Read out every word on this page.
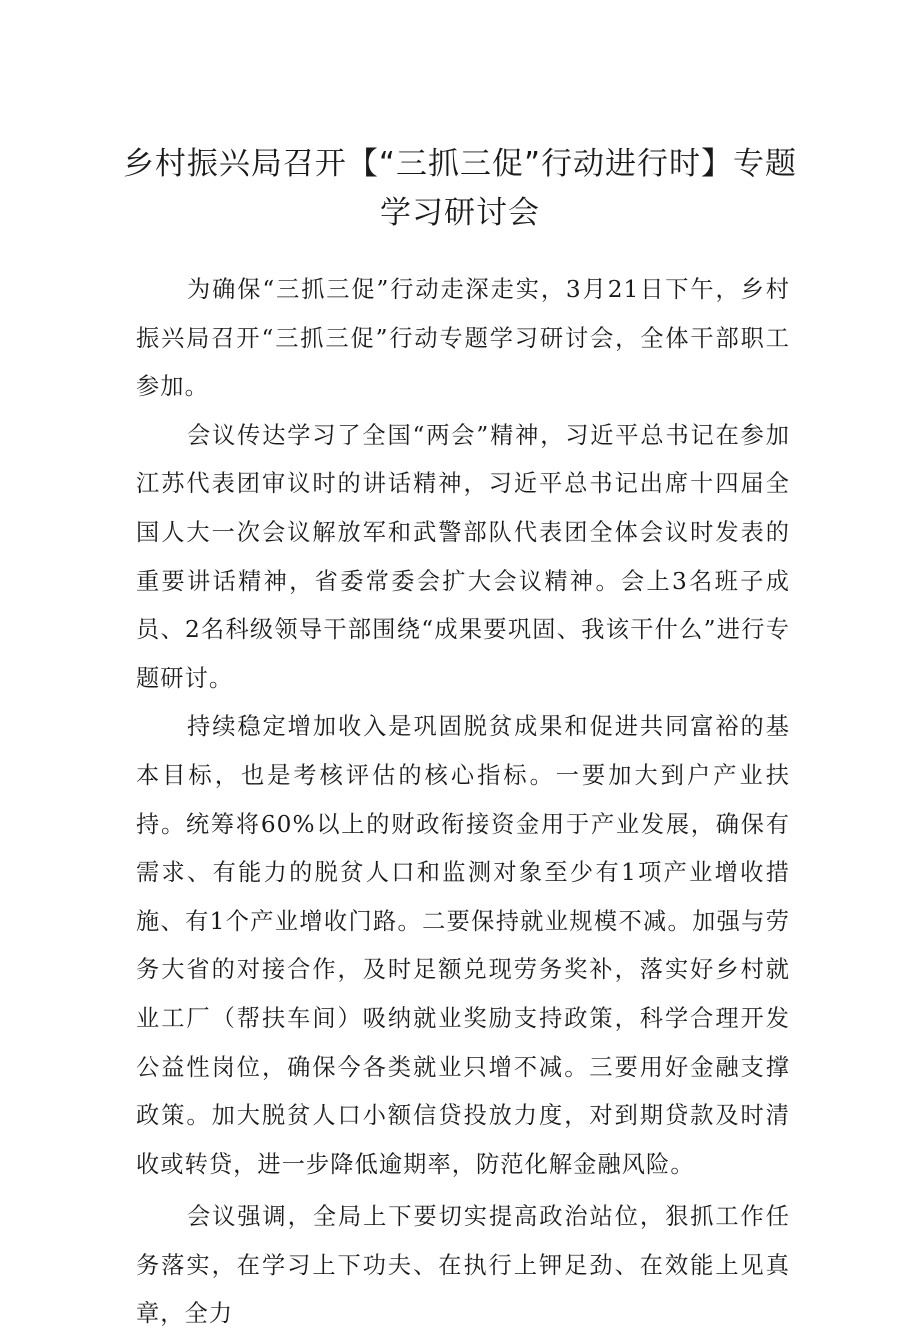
乡村振兴局召开【“三抓三促”行动进行时】专题学习研讨会

为确保“三抓三促”行动走深走实，3月21日下午，乡村振兴局召开“三抓三促”行动专题学习研讨会，全体干部职工参加。

会议传达学习了全国“两会”精神，习近平总书记在参加江苏代表团审议时的讲话精神，习近平总书记出席十四届全国人大一次会议解放军和武警部队代表团全体会议时发表的重要讲话精神，省委常委会扩大会议精神。会上3名班子成员、2名科级领导干部围绕“成果要巩固、我该干什么”进行专题研讨。

持续稳定增加收入是巩固脱贫成果和促进共同富裕的基本目标，也是考核评估的核心指标。一要加大到户产业扶持。统筹将60%以上的财政衔接资金用于产业发展，确保有需求、有能力的脱贫人口和监测对象至少有1项产业增收措施、有1个产业增收门路。二要保持就业规模不减。加强与劳务大省的对接合作，及时足额兑现劳务奖补，落实好乡村就业工厂（帮扶车间）吸纳就业奖励支持政策，科学合理开发公益性岗位，确保今各类就业只增不减。三要用好金融支撑政策。加大脱贫人口小额信贷投放力度，对到期贷款及时清收或转贷，进一步降低逾期率，防范化解金融风险。

会议强调，全局上下要切实提高政治站位，狠抓工作任务落实，在学习上下功夫、在执行上钾足劲、在效能上见真章，全力
